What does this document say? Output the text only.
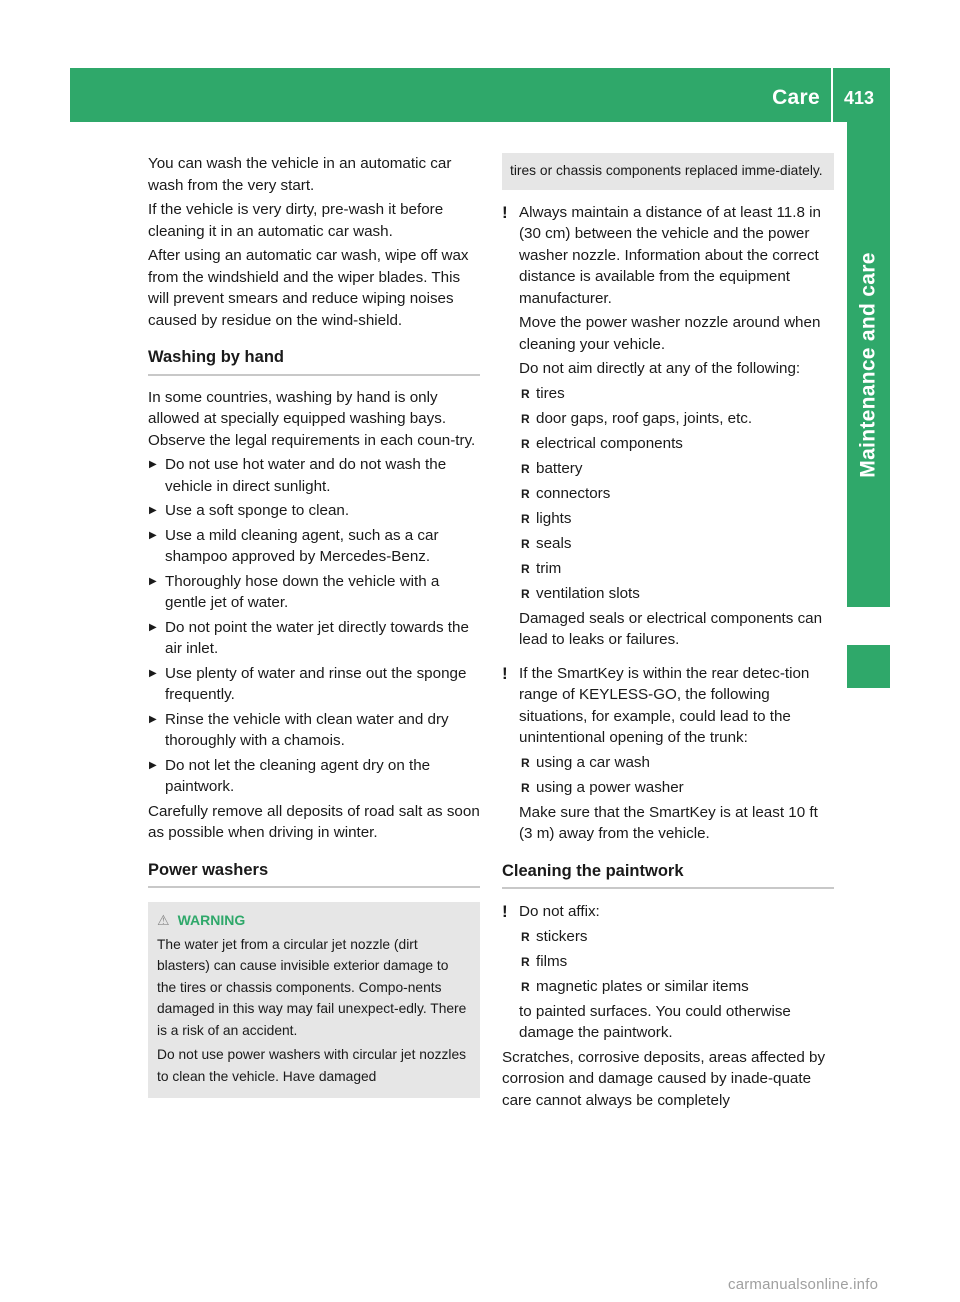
Care 413
Maintenance and care

You can wash the vehicle in an automatic car wash from the very start.

If the vehicle is very dirty, pre-wash it before cleaning it in an automatic car wash.

After using an automatic car wash, wipe off wax from the windshield and the wiper blades. This will prevent smears and reduce wiping noises caused by residue on the wind-shield.

Washing by hand

In some countries, washing by hand is only allowed at specially equipped washing bays. Observe the legal requirements in each coun-try.

▶ Do not use hot water and do not wash the vehicle in direct sunlight.
▶ Use a soft sponge to clean.
▶ Use a mild cleaning agent, such as a car shampoo approved by Mercedes-Benz.
▶ Thoroughly hose down the vehicle with a gentle jet of water.
▶ Do not point the water jet directly towards the air inlet.
▶ Use plenty of water and rinse out the sponge frequently.
▶ Rinse the vehicle with clean water and dry thoroughly with a chamois.
▶ Do not let the cleaning agent dry on the paintwork.

Carefully remove all deposits of road salt as soon as possible when driving in winter.

Power washers
⚠ WARNING

The water jet from a circular jet nozzle (dirt blasters) can cause invisible exterior damage to the tires or chassis components. Compo-nents damaged in this way may fail unexpect-edly. There is a risk of an accident.

Do not use power washers with circular jet nozzles to clean the vehicle. Have damaged

tires or chassis components replaced imme-diately.
! Always maintain a distance of at least 11.8 in (30 cm) between the vehicle and the power washer nozzle. Information about the correct distance is available from the equipment manufacturer.

Move the power washer nozzle around when cleaning your vehicle.

Do not aim directly at any of the following:

R tires
R door gaps, roof gaps, joints, etc.
R electrical components
R battery
R connectors
R lights
R seals
R trim
R ventilation slots

Damaged seals or electrical components can lead to leaks or failures.

! If the SmartKey is within the rear detec-tion range of KEYLESS-GO, the following situations, for example, could lead to the unintentional opening of the trunk:
R using a car wash
R using a power washer

Make sure that the SmartKey is at least 10 ft (3 m) away from the vehicle.

Cleaning the paintwork
! Do not affix:
R stickers
R films
R magnetic plates or similar items

to painted surfaces. You could otherwise damage the paintwork.

Scratches, corrosive deposits, areas affected by corrosion and damage caused by inade-quate care cannot always be completely

carmanualsonline.info
